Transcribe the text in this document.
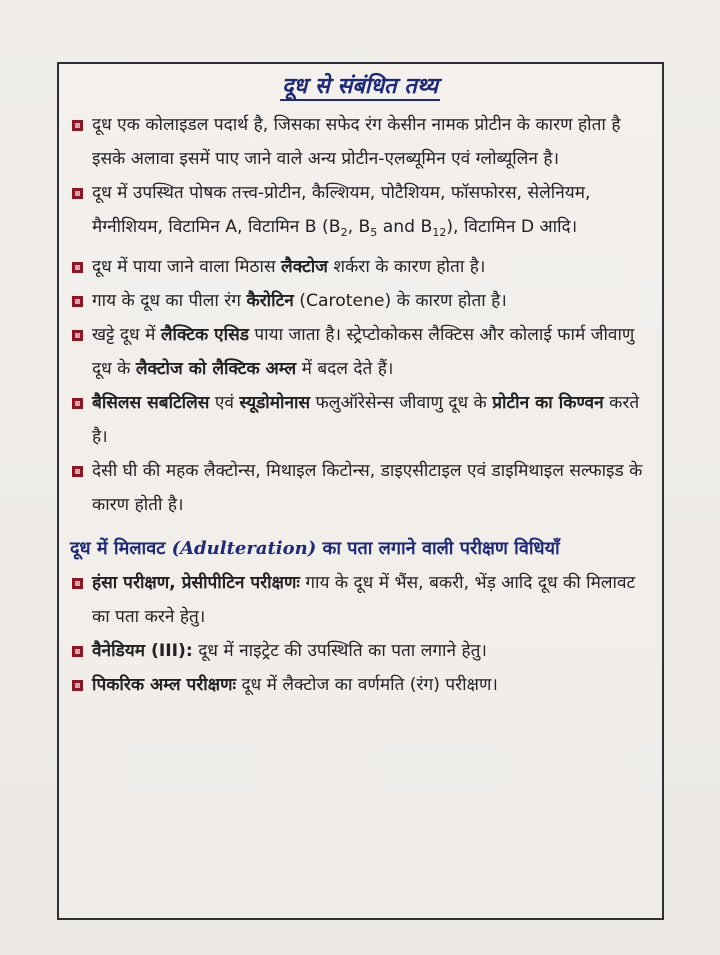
दूध से संबंधित तथ्य

दूध एक कोलाइडल पदार्थ है, जिसका सफेद रंग केसीन नामक प्रोटीन के कारण होता है इसके अलावा इसमें पाए जाने वाले अन्य प्रोटीन-एलब्यूमिन एवं ग्लोब्यूलिन है।

दूध में उपस्थित पोषक तत्त्व-प्रोटीन, कैल्शियम, पोटैशियम, फॉसफोरस, सेलेनियम, मैग्नीशियम, विटामिन A, विटामिन B ($B_2$, $B_5$ and $B_{12}$), विटामिन D आदि।

दूध में पाया जाने वाला मिठास लैक्टोज शर्करा के कारण होता है।

गाय के दूध का पीला रंग कैरोटिन (Carotene) के कारण होता है।

खट्टे दूध में लैक्टिक एसिड पाया जाता है। स्ट्रेप्टोकोकस लैक्टिस और कोलाई फार्म जीवाणु दूध के लैक्टोज को लैक्टिक अम्ल में बदल देते हैं।

बैसिलस सबटिलिस एवं स्यूडोमोनास फलुऑरेसेन्स जीवाणु दूध के प्रोटीन का किण्वन करते है।

देसी घी की महक लैक्टोन्स, मिथाइल किटोन्स, डाइएसीटाइल एवं डाइमिथाइल सल्फाइड के कारण होती है।

दूध में मिलावट (Adulteration) का पता लगाने वाली परीक्षण विधियाँ

हंसा परीक्षण, प्रेसीपीटिन परीक्षणः गाय के दूध में भैंस, बकरी, भेंड़ आदि दूध की मिलावट का पता करने हेतु।

वैनेडियम (III): दूध में नाइट्रेट की उपस्थिति का पता लगाने हेतु।

पिकरिक अम्ल परीक्षणः दूध में लैक्टोज का वर्णमति (रंग) परीक्षण।
